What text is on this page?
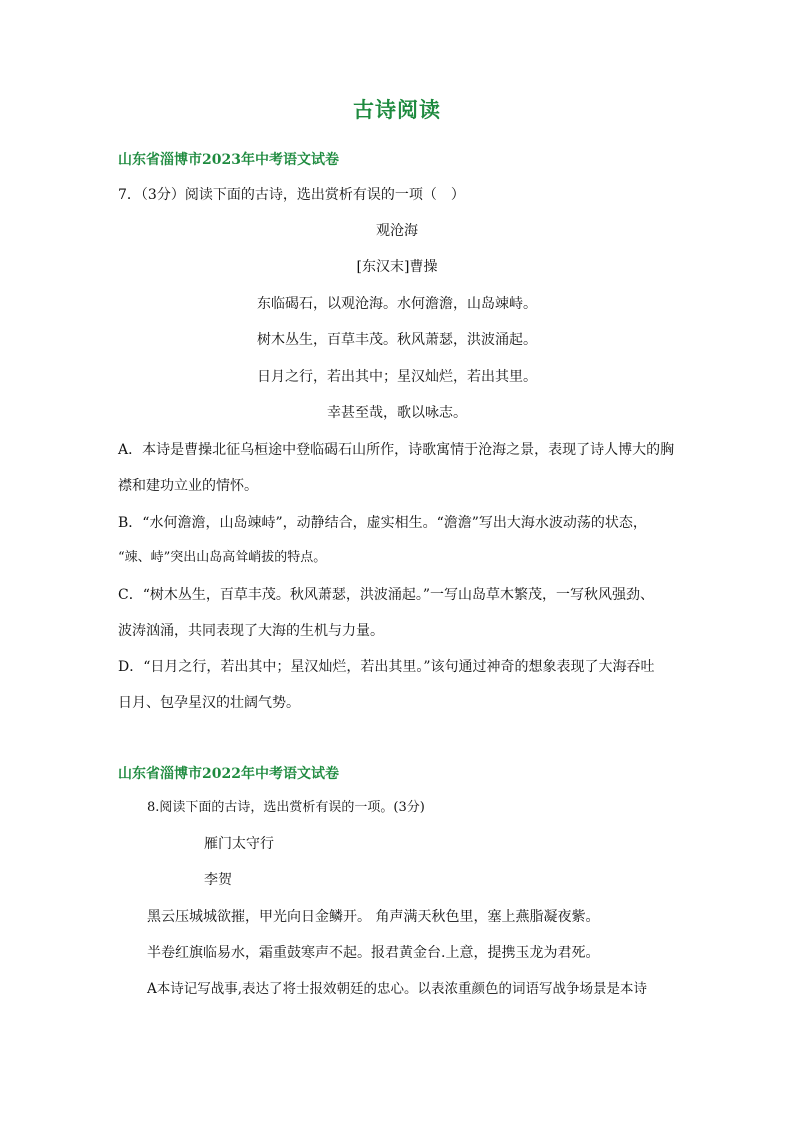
古诗阅读
山东省淄博市2023年中考语文试卷
7．（3分）阅读下面的古诗，选出赏析有误的一项（　）
观沧海
[东汉末]曹操
东临碣石，以观沧海。水何澹澹，山岛竦峙。
树木丛生，百草丰茂。秋风萧瑟，洪波涌起。
日月之行，若出其中；星汉灿烂，若出其里。
幸甚至哉，歌以咏志。
A．本诗是曹操北征乌桓途中登临碣石山所作，诗歌寓情于沧海之景，表现了诗人博大的胸
襟和建功立业的情怀。
B．“水何澹澹，山岛竦峙”，动静结合，虚实相生。“澹澹”写出大海水波动荡的状态，
“竦、峙”突出山岛高耸峭拔的特点。
C．“树木丛生，百草丰茂。秋风萧瑟，洪波涌起。”一写山岛草木繁茂，一写秋风强劲、
波涛汹涌，共同表现了大海的生机与力量。
D．“日月之行，若出其中；星汉灿烂，若出其里。”该句通过神奇的想象表现了大海吞吐
日月、包孕星汉的壮阔气势。
山东省淄博市2022年中考语文试卷
8.阅读下面的古诗，选出赏析有误的一项。(3分)
雁门太守行
李贺
黑云压城城欲摧，甲光向日金鳞开。 角声满天秋色里，塞上燕脂凝夜紫。
半卷红旗临易水，霜重鼓寒声不起。报君黄金台.上意，提携玉龙为君死。
A本诗记写战事,表达了将士报效朝廷的忠心。以表浓重颜色的词语写战争场景是本诗
